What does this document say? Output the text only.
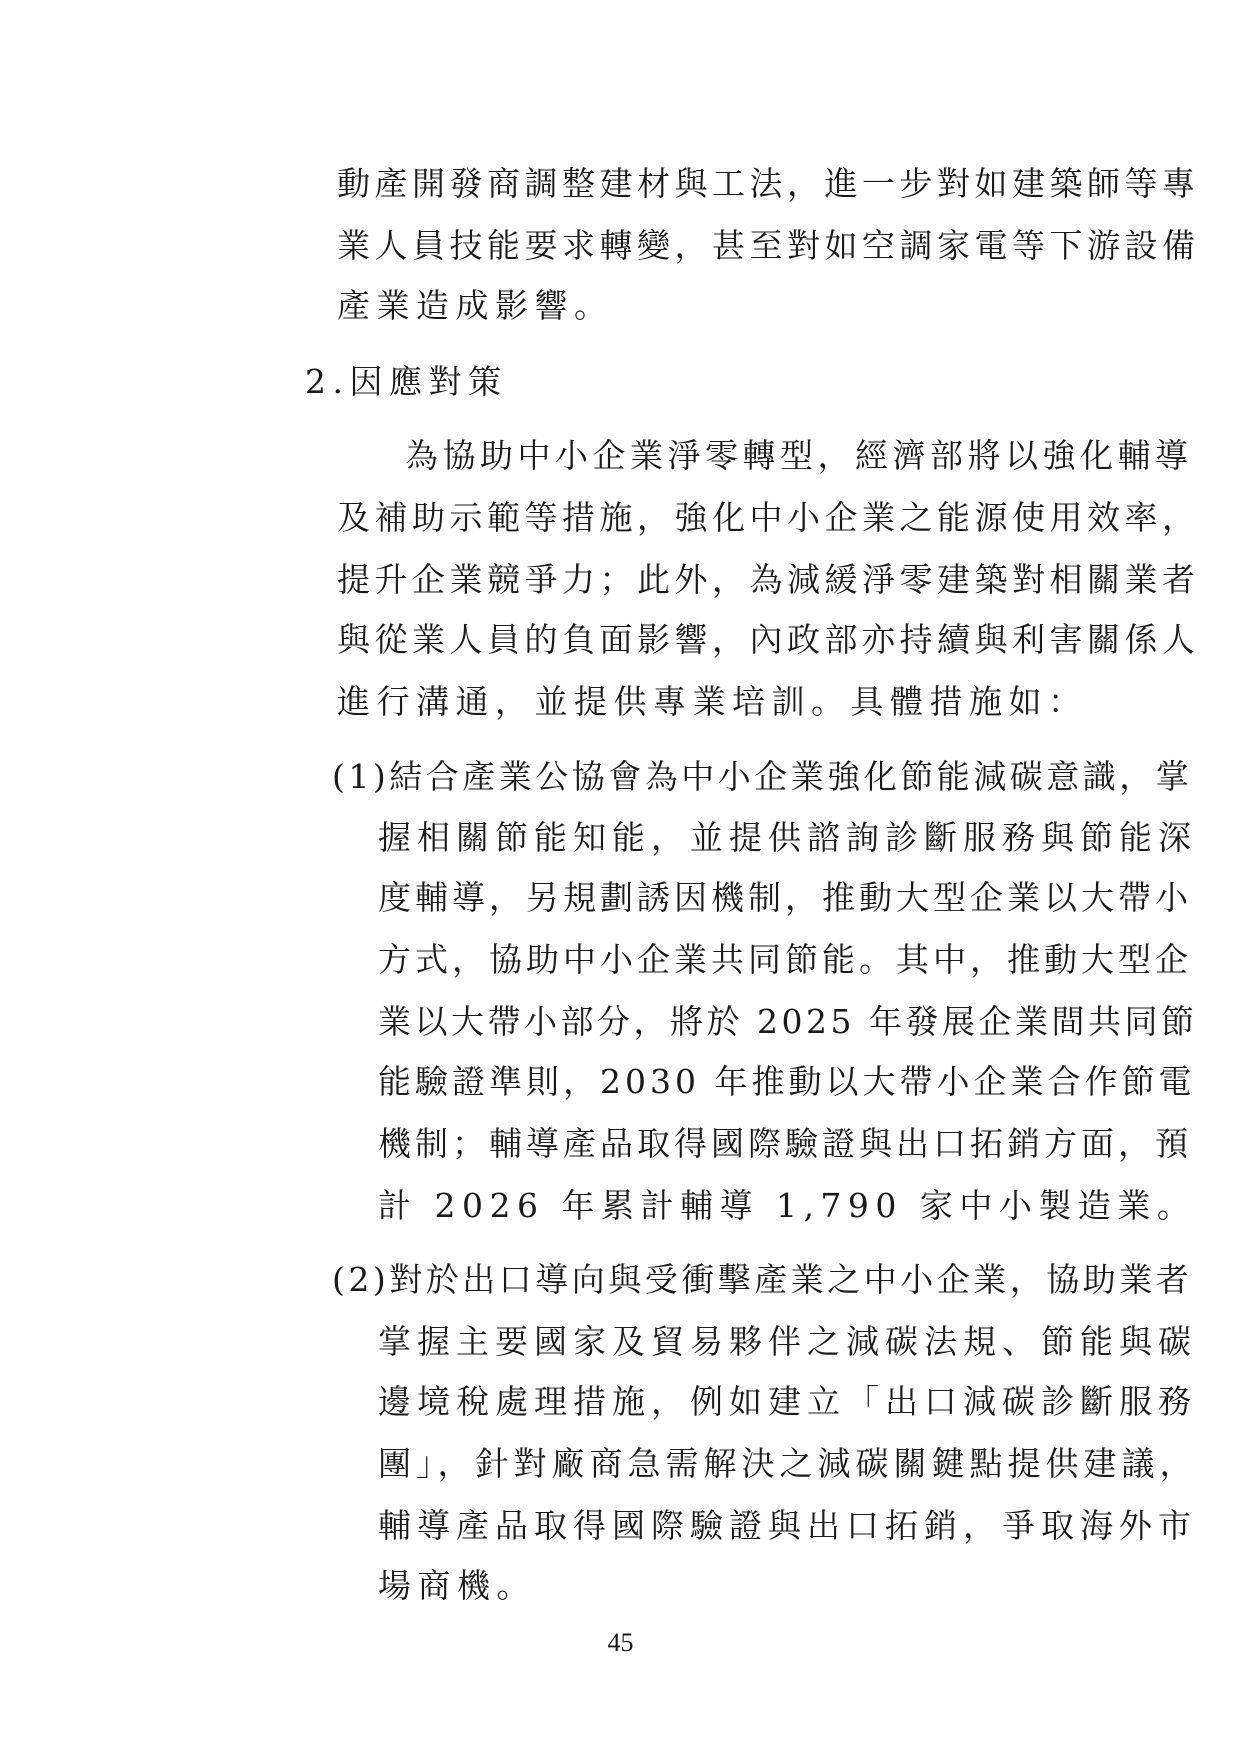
動產開發商調整建材與工法，進一步對如建築師等專
業人員技能要求轉變，甚至對如空調家電等下游設備
產業造成影響。
2.因應對策
為協助中小企業淨零轉型，經濟部將以強化輔導
及補助示範等措施，強化中小企業之能源使用效率，
提升企業競爭力；此外，為減緩淨零建築對相關業者
與從業人員的負面影響，內政部亦持續與利害關係人
進行溝通，並提供專業培訓。具體措施如：
(1)結合產業公協會為中小企業強化節能減碳意識，掌
握相關節能知能，並提供諮詢診斷服務與節能深
度輔導，另規劃誘因機制，推動大型企業以大帶小
方式，協助中小企業共同節能。其中，推動大型企
業以大帶小部分，將於 2025 年發展企業間共同節
能驗證準則，2030 年推動以大帶小企業合作節電
機制；輔導產品取得國際驗證與出口拓銷方面，預
計 2026 年累計輔導 1,790 家中小製造業。
(2)對於出口導向與受衝擊產業之中小企業，協助業者
掌握主要國家及貿易夥伴之減碳法規、節能與碳
邊境稅處理措施，例如建立「出口減碳診斷服務
團」，針對廠商急需解決之減碳關鍵點提供建議，
輔導產品取得國際驗證與出口拓銷，爭取海外市
場商機。
45
